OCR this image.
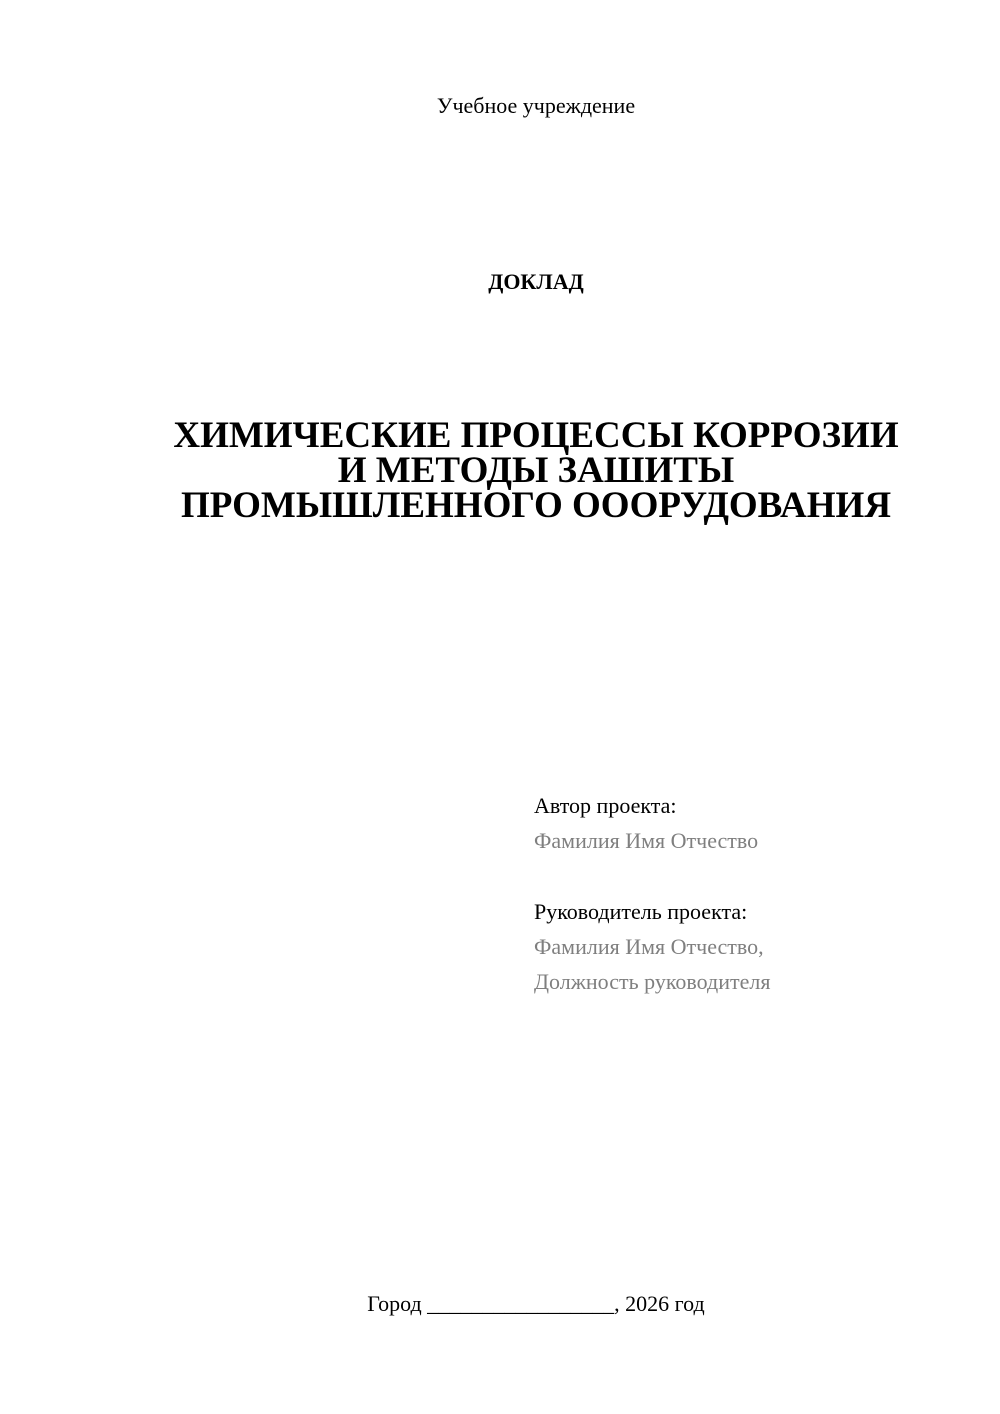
Учебное учреждение
ДОКЛАД
ХИМИЧЕСКИЕ ПРОЦЕССЫ КОРРОЗИИ
И МЕТОДЫ ЗАШИТЫ
ПРОМЫШЛЕННОГО ОООРУДОВАНИЯ
Автор проекта:
Фамилия Имя Отчество
Руководитель проекта:
Фамилия Имя Отчество,
Должность руководителя
Город _________________, 2026 год
